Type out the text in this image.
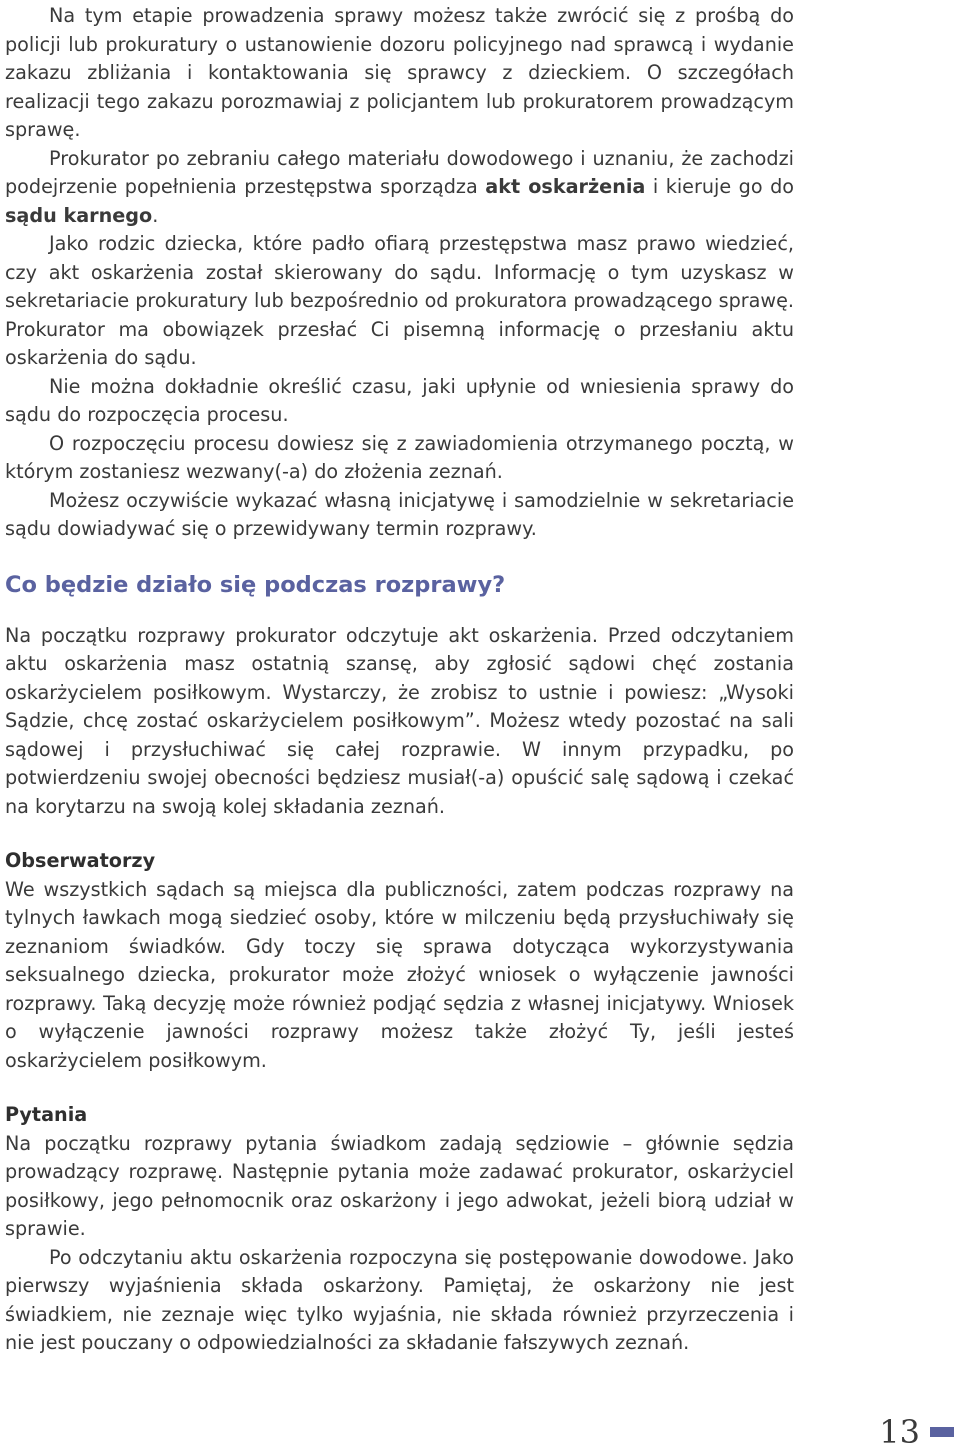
Na tym etapie prowadzenia sprawy możesz także zwrócić się z prośbą do policji lub prokuratury o ustanowienie dozoru policyjnego nad sprawcą i wydanie zakazu zbliżania i kontaktowania się sprawcy z dzieckiem. O szczegółach realizacji tego zakazu porozmawiaj z policjantem lub prokuratorem prowadzącym sprawę.

Prokurator po zebraniu całego materiału dowodowego i uznaniu, że zachodzi podejrzenie popełnienia przestępstwa sporządza akt oskarżenia i kieruje go do sądu karnego.

Jako rodzic dziecka, które padło ofiarą przestępstwa masz prawo wiedzieć, czy akt oskarżenia został skierowany do sądu. Informację o tym uzyskasz w sekretariacie prokuratury lub bezpośrednio od prokuratora prowadzącego sprawę. Prokurator ma obowiązek przesłać Ci pisemną informację o przesłaniu aktu oskarżenia do sądu.

Nie można dokładnie określić czasu, jaki upłynie od wniesienia sprawy do sądu do rozpoczęcia procesu.

O rozpoczęciu procesu dowiesz się z zawiadomienia otrzymanego pocztą, w którym zostaniesz wezwany(-a) do złożenia zeznań.

Możesz oczywiście wykazać własną inicjatywę i samodzielnie w sekretariacie sądu dowiadywać się o przewidywany termin rozprawy.

Co będzie działo się podczas rozprawy?

Na początku rozprawy prokurator odczytuje akt oskarżenia. Przed odczytaniem aktu oskarżenia masz ostatnią szansę, aby zgłosić sądowi chęć zostania oskarżycielem posiłkowym. Wystarczy, że zrobisz to ustnie i powiesz: „Wysoki Sądzie, chcę zostać oskarżycielem posiłkowym”. Możesz wtedy pozostać na sali sądowej i przysłuchiwać się całej rozprawie. W innym przypadku, po potwierdzeniu swojej obecności będziesz musiał(-a) opuścić salę sądową i czekać na korytarzu na swoją kolej składania zeznań.

Obserwatorzy

We wszystkich sądach są miejsca dla publiczności, zatem podczas rozprawy na tylnych ławkach mogą siedzieć osoby, które w milczeniu będą przysłuchiwały się zeznaniom świadków. Gdy toczy się sprawa dotycząca wykorzystywania seksualnego dziecka, prokurator może złożyć wniosek o wyłączenie jawności rozprawy. Taką decyzję może również podjąć sędzia z własnej inicjatywy. Wniosek o wyłączenie jawności rozprawy możesz także złożyć Ty, jeśli jesteś oskarżycielem posiłkowym.

Pytania

Na początku rozprawy pytania świadkom zadają sędziowie – głównie sędzia prowadzący rozprawę. Następnie pytania może zadawać prokurator, oskarżyciel posiłkowy, jego pełnomocnik oraz oskarżony i jego adwokat, jeżeli biorą udział w sprawie.

Po odczytaniu aktu oskarżenia rozpoczyna się postępowanie dowodowe. Jako pierwszy wyjaśnienia składa oskarżony. Pamiętaj, że oskarżony nie jest świadkiem, nie zeznaje więc tylko wyjaśnia, nie składa również przyrzeczenia i nie jest pouczany o odpowiedzialności za składanie fałszywych zeznań.

13
